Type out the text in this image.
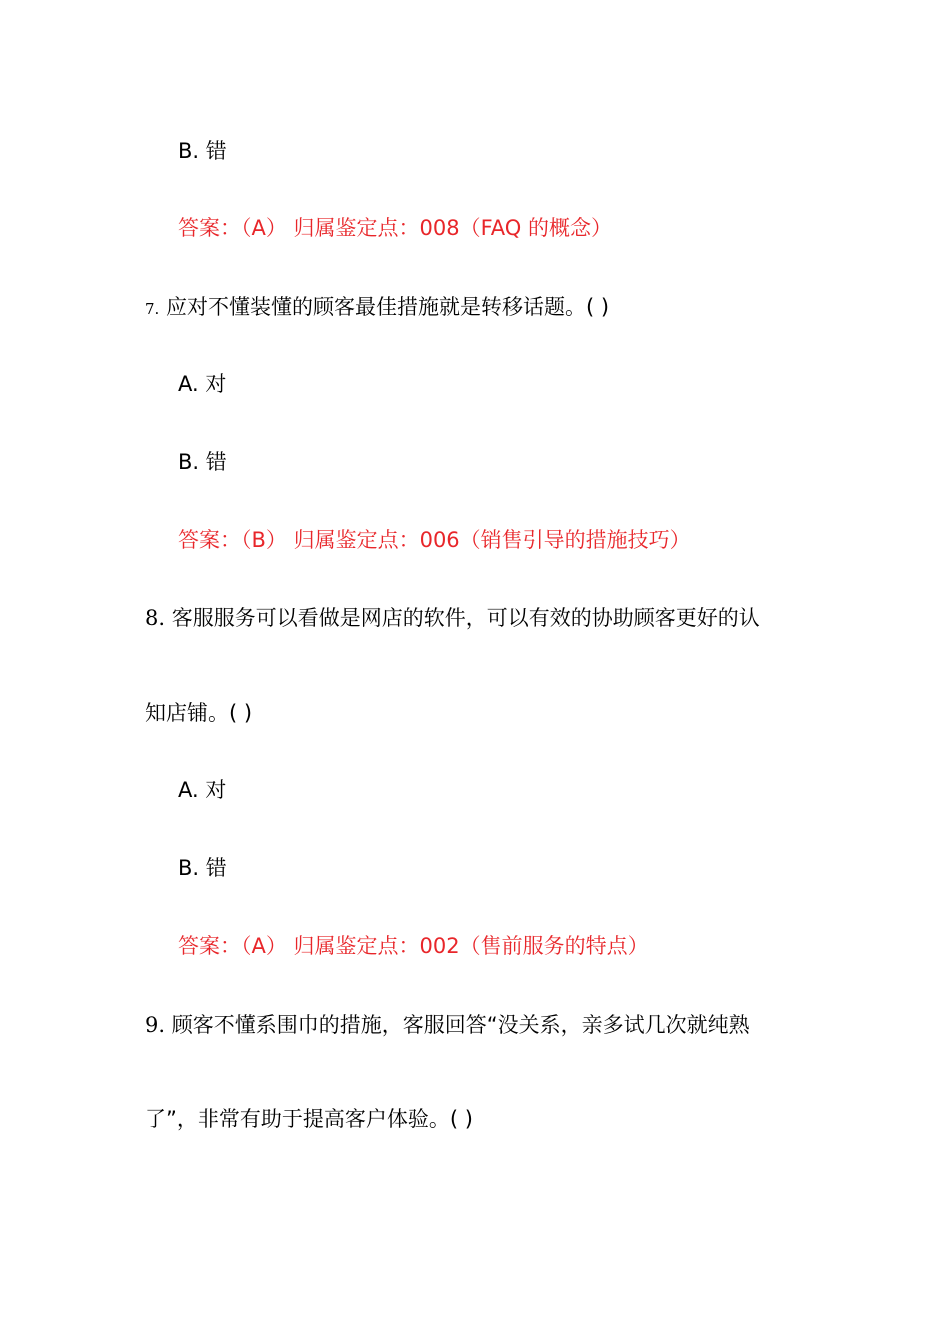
B. 错
答案：（A） 归属鉴定点：008（FAQ 的概念）
7. 应对不懂装懂的顾客最佳措施就是转移话题。( )
A. 对
B. 错
答案：（B） 归属鉴定点：006（销售引导的措施技巧）
8. 客服服务可以看做是网店的软件，可以有效的协助顾客更好的认
知店铺。( )
A. 对
B. 错
答案：（A） 归属鉴定点：002（售前服务的特点）
9. 顾客不懂系围巾的措施，客服回答“没关系，亲多试几次就纯熟
了”，非常有助于提高客户体验。( )
